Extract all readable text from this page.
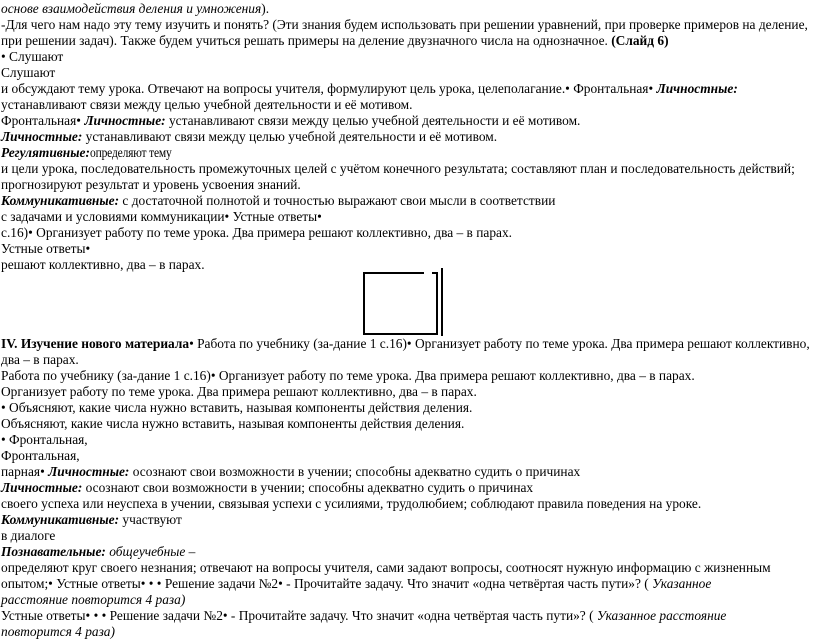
основе взаимодействия деления и умножения).
-Для чего нам надо эту тему изучить и понять? (Эти знания будем использовать при решении уравнений, при проверке примеров на деление,
при решении задач). Также будем учиться решать примеры на деление двузначного числа на однозначное. (Слайд 6)
• Слушают
Слушают
и обсуждают тему урока. Отвечают на вопросы учителя, формулируют цель урока, целеполагание.• Фронтальная• Личностные:
устанавливают связи между целью учебной деятельности и её мотивом.
Фронтальная• Личностные: устанавливают связи между целью учебной деятельности и её мотивом.
Личностные: устанавливают связи между целью учебной деятельности и её мотивом.
Регулятивные:определяют тему
и цели урока, последовательность промежуточных целей с учётом конечного результата; составляют план и последовательность действий;
прогнозируют результат и уровень усвоения знаний.
Коммуникативные: с достаточной полнотой и точностью выражают свои мысли в соответствии
с задачами и условиями коммуникации• Устные ответы•
с.16)• Организует работу по теме урока. Два примера решают коллективно, два – в парах.
Устные ответы•
решают коллективно, два – в парах.
IV. Изучение нового материала• Работа по учебнику (за-дание 1 с.16)• Организует работу по теме урока. Два примера решают коллективно,
два – в парах.
Работа по учебнику (за-дание 1 с.16)• Организует работу по теме урока. Два примера решают коллективно, два – в парах.
Организует работу по теме урока. Два примера решают коллективно, два – в парах.
• Объясняют, какие числа нужно вставить, называя компоненты действия деления.
Объясняют, какие числа нужно вставить, называя компоненты действия деления.
• Фронтальная,
Фронтальная,
парная• Личностные: осознают свои возможности в учении; способны адекватно судить о причинах
Личностные: осознают свои возможности в учении; способны адекватно судить о причинах
своего успеха или неуспеха в учении, связывая успехи с усилиями, трудолюбием; соблюдают правила поведения на уроке.
Коммуникативные: участвуют
в диалоге
Познавательные: общеучебные –
определяют круг своего незнания; отвечают на вопросы учителя, сами задают вопросы, соотносят нужную информацию с жизненным
опытом;• Устные ответы• • • Решение задачи №2• - Прочитайте задачу. Что значит «одна четвёртая часть пути»? ( Указанное
расстояние повторится 4 раза)
Устные ответы• • • Решение задачи №2• - Прочитайте задачу. Что значит «одна четвёртая часть пути»? ( Указанное расстояние
повторится 4 раза)
